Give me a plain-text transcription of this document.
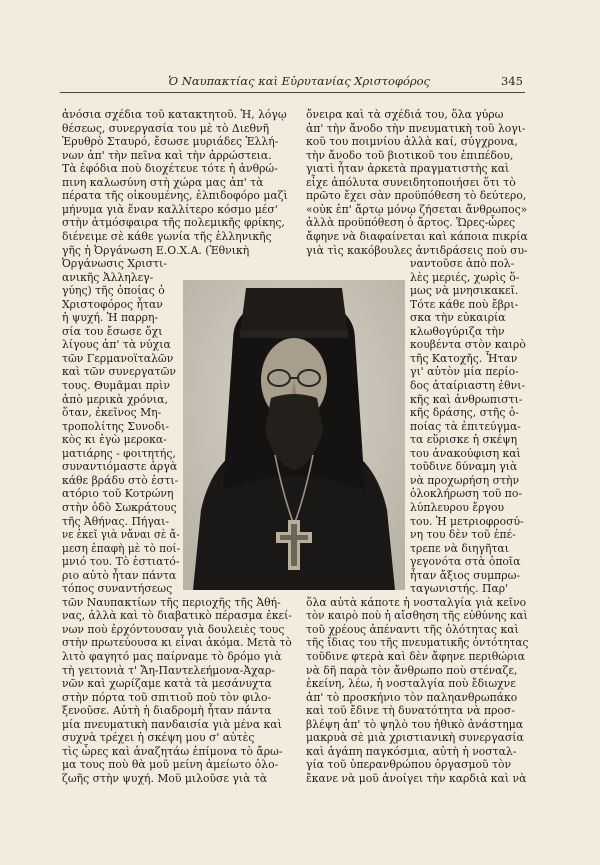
Ὁ Ναυπακτίας καὶ Εὐρυτανίας Χριστοφόρος	345
ἀνόσια σχέδια τοῦ κατακτητοῦ. Ἡ, λόγῳ
θέσεως, συνεργασία του μὲ τὸ Διεθνῆ
Ἐρυθρὸ Σταυρό, ἔσωσε μυριάδες Ἑλλή-
νων ἀπ' τὴν πεῖνα καὶ τὴν ἀρρώστεια.
Τὰ ἐφόδια ποὺ διοχέτευε τότε ἡ ἀνθρώ-
πινη καλωσύνη στὴ χώρα μας ἀπ' τὰ
πέρατα τῆς οἰκουμένης, ἐλπιδοφόρο μαζὶ
μήνυμα γιὰ ἕναν καλλίτερο κόσμο μέσ'
στὴν ἀτμόσφαιρα τῆς πολεμικῆς φρίκης,
διένειμε σὲ κάθε γωνία τῆς ἑλληνικῆς
γῆς ἡ Ὀργάνωση Ε.Ο.Χ.Α. (Ἐθνικὴ
Ὀργάνωσις Χριστι-
ανικῆς Ἀλληλεγ-
γύης) τῆς ὁποίας ὁ
Χριστοφόρος ἦταν
ἡ ψυχή. Ἡ παρρη-
σία του ἔσωσε ὄχι
λίγους ἀπ' τὰ νύχια
τῶν Γερμανοϊταλῶν
καὶ τῶν συνεργατῶν
τους. Θυμᾶμαι πρὶν
ἀπὸ μερικὰ χρόνια,
ὅταν, ἐκεῖνος Μη-
τροπολίτης Συνοδι-
κὸς κι ἐγὼ μεροκα-
ματιάρης - φοιτητής,
συναντιόμαστε ἀργὰ
κάθε βράδυ στὸ ἑστι-
ατόριο τοῦ Κοτρώνη
στὴν ὁδὸ Σωκράτους
τῆς Ἀθήνας. Πήγαι-
νε ἐκεῖ γιὰ νἄναι σὲ ἄ-
μεση ἐπαφὴ μὲ τὸ ποί-
μνιό του. Τὸ ἑστιατό-
ριο αὐτὸ ἦταν πάντα
τόπος συναντήσεως
τῶν Ναυπακτίων τῆς περιοχῆς τῆς Ἀθή-
νας, ἀλλὰ καὶ τὸ διαβατικὸ πέρασμα ἐκεί-
νων ποὺ ἐρχόντουσαν γιὰ δουλειὲς τους
στὴν πρωτεύουσα κι εἶναι ἀκόμα. Μετὰ τὸ
λιτὸ φαγητό μας παίρναμε τὸ δρόμο γιὰ
τὴ γειτονιὰ τ' Ἄη-Παντελεήμονα-Ἀχαρ-
νῶν καὶ χωρίζαμε κατὰ τὰ μεσάνυχτα
στὴν πόρτα τοῦ σπιτιοῦ ποὺ τὸν φιλο-
ξενοῦσε. Αὐτὴ ἡ διαδρομὴ ἦταν πάντα
μία πνευματικὴ πανδαισία γιὰ μένα καὶ
συχνὰ τρέχει ἡ σκέψη μου σ' αὐτὲς
τὶς ὧρες καὶ ἀναζητάω ἐπίμονα τὸ ἄρω-
μα τους ποὺ θὰ μοῦ μείνη ἀμείωτο ὁλο-
ζωῆς στὴν ψυχή. Μοῦ μιλοῦσε γιὰ τὰ
ὄνειρα καὶ τὰ σχέδιά του, ὅλα γύρω
ἀπ' τὴν ἄνοδο τὴν πνευματικὴ τοῦ λογι-
κοῦ του ποιμνίου ἀλλὰ καί, σύγχρονα,
τὴν ἄνοδο τοῦ βιοτικοῦ του ἐπιπέδου,
γιατὶ ἦταν ἀρκετὰ πραγματιστὴς καὶ
εἶχε ἀπόλυτα συνειδητοποιήσει ὅτι τὸ
πρῶτο ἔχει σὰν προϋπόθεση τὸ δεύτερο,
«οὐκ ἐπ' ἄρτῳ μόνῳ ζήσεται ἄνθρωπος»
ἀλλὰ προϋπόθεση ὁ ἄρτος. Ὥρες-ὧρες
ἄφηνε νὰ διαφαίνεται καὶ κάποια πικρία
γιὰ τὶς κακόβουλες ἀντιδράσεις ποὺ συ-
ναντοῦσε ἀπὸ πολ-
λὲς μεριές, χωρὶς ὅ-
μως νὰ μνησικακεῖ.
Τότε κάθε ποὺ ἔβρι-
σκα τὴν εὐκαιρία
κλωθογύριζα τὴν
κουβέντα στὸν καιρὸ
τῆς Κατοχῆς. Ἦταν
γι' αὐτὸν μία περίο-
δος ἀταίριαστη ἐθνι-
κῆς καὶ ἀνθρωπιστι-
κῆς δράσης, στῆς ὁ-
ποίας τὰ ἐπιτεύγμα-
τα εὕρισκε ἡ σκέψη
του ἀνακούφιση καὶ
τοῦδινε δύναμη γιὰ
νὰ προχωρήση στὴν
ὁλοκλήρωση τοῦ πο-
λύπλευρου ἔργου
του. Ἡ μετριοφροσύ-
νη του δὲν τοῦ ἐπέ-
τρεπε νὰ διηγῆται
γεγονότα στὰ ὁποῖα
ἦταν ἄξιος συμπρω-
ταγωνιστής. Παρ'
ὅλα αὐτὰ κάποτε ἡ νοσταλγία γιὰ κεῖνο
τὸν καιρὸ ποὺ ἡ αἴσθηση τῆς εὐθύνης καὶ
τοῦ χρέους ἀπέναντι τῆς ὁλότητας καὶ
τῆς ἴδιας του τῆς πνευματικῆς ὀντότητας
τοῦδινε φτερὰ καὶ δὲν ἄφηνε περιθώρια
νὰ δῆ παρὰ τὸν ἄνθρωπο ποὺ στέναζε,
ἐκείνη, λέω, ἡ νοσταλγία ποὺ ἔδιωχνε
ἀπ' τὸ προσκήνιο τὸν παληανθρωπάκο
καὶ τοῦ ἔδινε τὴ δυνατότητα νὰ προσ-
βλέψη ἀπ' τὸ ψηλὸ του ἠθικὸ ἀνάστημα
μακρυὰ σὲ μιὰ χριστιανικὴ συνεργασία
καὶ ἀγάπη παγκόσμια, αὐτὴ ἡ νοσταλ-
γία τοῦ ὑπερανθρώπου ὀργασμοῦ τὸν
ἔκανε νὰ μοῦ ἀνοίγει τὴν καρδιὰ καὶ νὰ
